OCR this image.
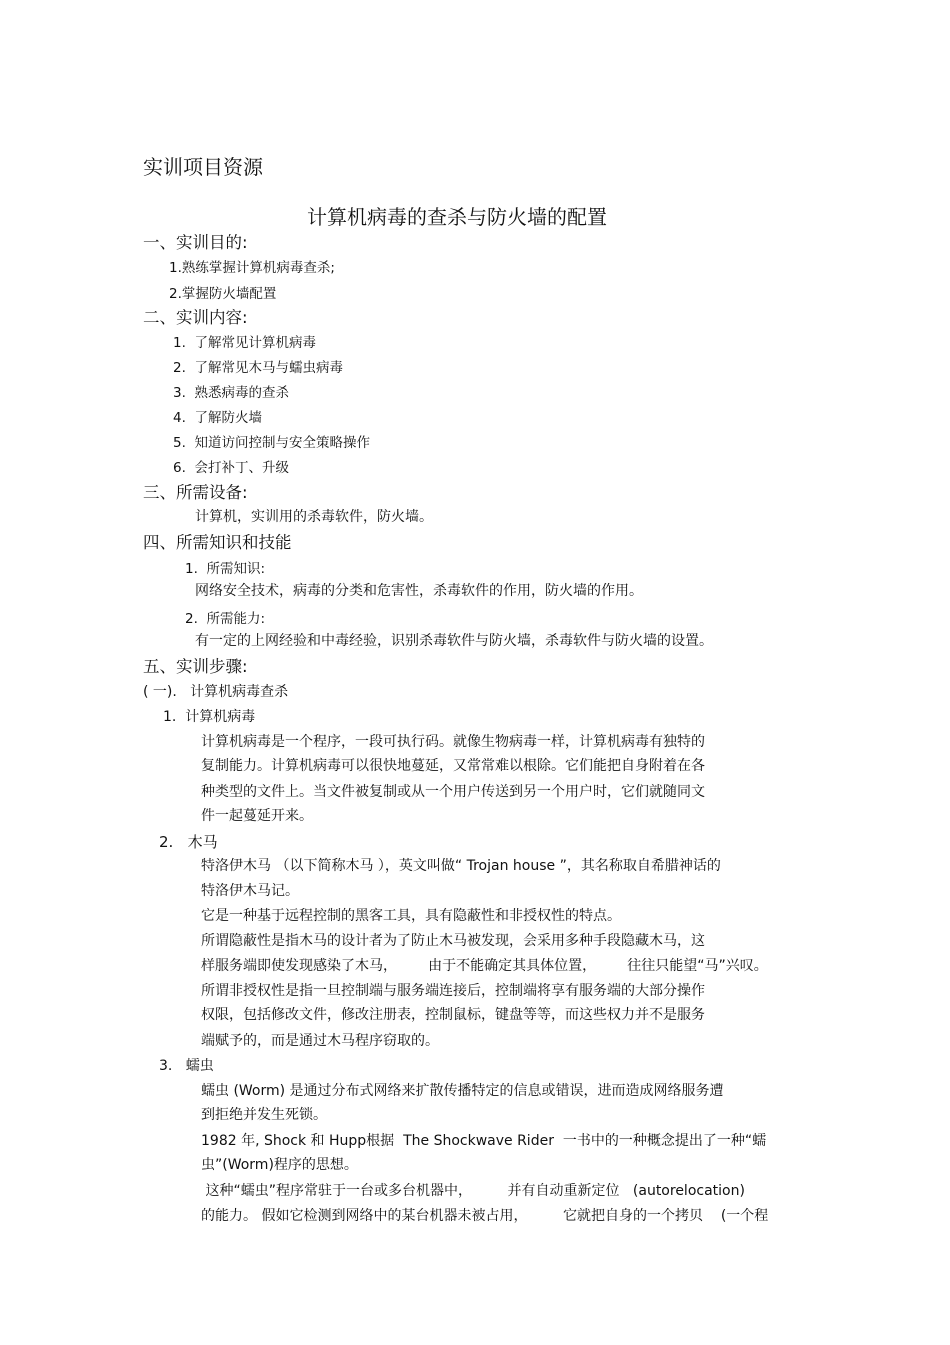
实训项目资源
计算机病毒的查杀与防火墙的配置
一、实训目的:
1.熟练掌握计算机病毒查杀;
2.掌握防火墙配置
二、实训内容:
1.  了解常见计算机病毒
2.  了解常见木马与蠕虫病毒
3.  熟悉病毒的查杀
4.  了解防火墙
5.  知道访问控制与安全策略操作
6.  会打补丁、升级
三、所需设备:
计算机，实训用的杀毒软件，防火墙。
四、所需知识和技能
1.  所需知识:
网络安全技术，病毒的分类和危害性，杀毒软件的作用，防火墙的作用。
2.  所需能力:
有一定的上网经验和中毒经验，识别杀毒软件与防火墙，杀毒软件与防火墙的设置。
五、实训步骤:
( 一).   计算机病毒查杀
1.  计算机病毒
计算机病毒是一个程序，一段可执行码。就像生物病毒一样，计算机病毒有独特的
复制能力。计算机病毒可以很快地蔓延，又常常难以根除。它们能把自身附着在各
种类型的文件上。当文件被复制或从一个用户传送到另一个用户时，它们就随同文
件一起蔓延开来。
2.   木马
特洛伊木马 （以下简称木马 ），英文叫做“ Trojan house ”，其名称取自希腊神话的
特洛伊木马记。
它是一种基于远程控制的黑客工具，具有隐蔽性和非授权性的特点。
所谓隐蔽性是指木马的设计者为了防止木马被发现，会采用多种手段隐藏木马，这
样服务端即使发现感染了木马，       由于不能确定其具体位置，       往往只能望“马”兴叹。
所谓非授权性是指一旦控制端与服务端连接后，控制端将享有服务端的大部分操作
权限，包括修改文件，修改注册表，控制鼠标，键盘等等，而这些权力并不是服务
端赋予的，而是通过木马程序窃取的。
3.   蠕虫
蠕虫 (Worm) 是通过分布式网络来扩散传播特定的信息或错误，进而造成网络服务遭
到拒绝并发生死锁。
1982 年, Shock 和 Hupp根据  The Shockwave Rider  一书中的一种概念提出了一种“蠕
虫”(Worm)程序的思想。
这种“蠕虫”程序常驻于一台或多台机器中，        并有自动重新定位   (autorelocation)
的能力。 假如它检测到网络中的某台机器未被占用，        它就把自身的一个拷贝    (一个程
